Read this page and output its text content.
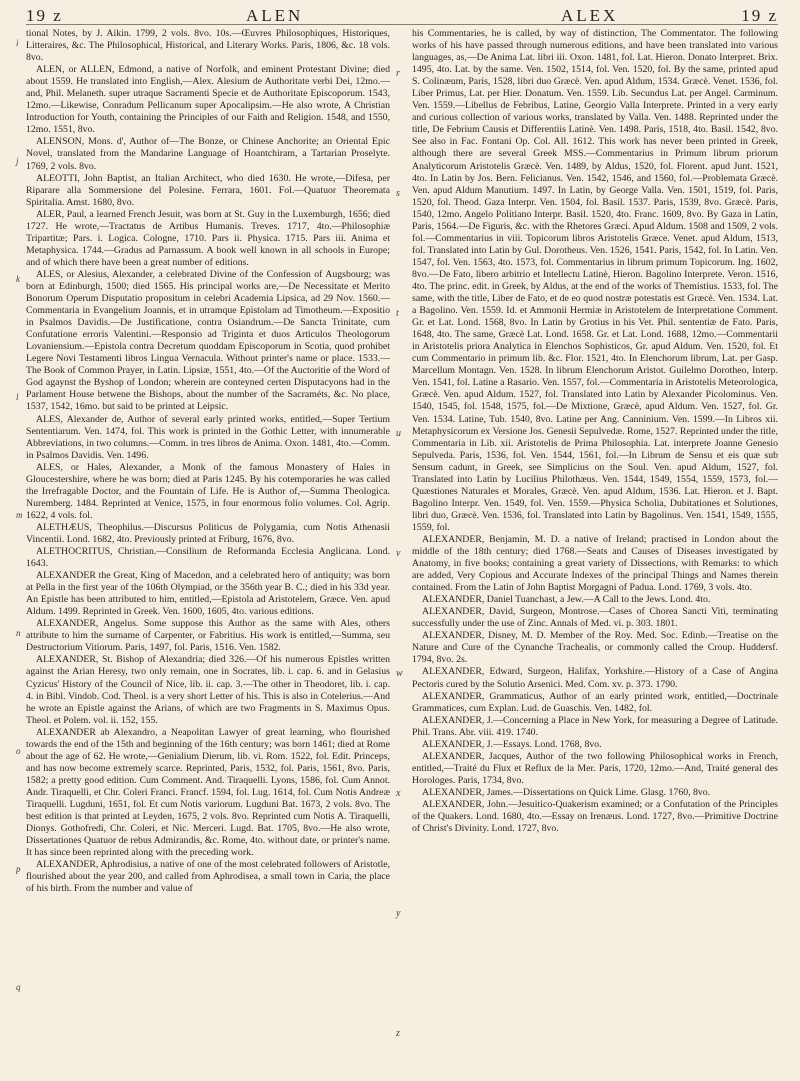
19 z	ALEN	ALEX	19 z

tional Notes, by J. Aikin. 1799, 2 vols. 8vo. 10s.—Œuvres Philosophiques, Historiques, Litteraires, &c. The Philosophical, Historical, and Literary Works. Paris, 1806, &c. 18 vols. 8vo.

ALEN, or ALLEN, Edmond, a native of Norfolk, and eminent Protestant Divine; died about 1559. He translated into English,—Alex. Alesium de Authoritate verbi Dei, 12mo.—and, Phil. Melaneth. super utraque Sacramenti Specie et de Authoritate Episcoporum. 1543, 12mo.—Likewise, Conradum Pellicanum super Apocalipsim.—He also wrote, A Christian Introduction for Youth, containing the Principles of our Faith and Religion. 1548, and 1550, 12mo. 1551, 8vo.

ALENSON, Mons. d', Author of—The Bonze, or Chinese Anchorite; an Oriental Epic Novel, translated from the Mandarine Language of Hoantchiram, a Tartarian Proselyte. 1769, 2 vols. 8vo.

ALEOTTI, John Baptist, an Italian Architect, who died 1630. He wrote,—Difesa, per Riparare alla Sommersione del Polesine. Ferrara, 1601. Fol.—Quatuor Theoremata Spiritalia. Amst. 1680, 8vo.

ALER, Paul, a learned French Jesuit, was born at St. Guy in the Luxemburgh, 1656; died 1727. He wrote,—Tractatus de Artibus Humanis. Treves. 1717, 4to.—Philosophiæ Tripartitæ; Pars. i. Logica. Cologne, 1710. Pars ii. Physica. 1715. Pars iii. Anima et Metaphysica. 1744.—Gradus ad Parnassum. A book well known in all schools in Europe; and of which there have been a great number of editions.

ALES, or Alesius, Alexander, a celebrated Divine of the Confession of Augsbourg; was born at Edinburgh, 1500; died 1565. His principal works are,—De Necessitate et Merito Bonorum Operum Disputatio propositum in celebri Academia Lipsica, ad 29 Nov. 1560.—Commentaria in Evangelium Joannis, et in utramque Epistolam ad Timotheum.—Expositio in Psalmos Davidis.—De Justificatione, contra Osiandrum.—De Sancta Trinitate, cum Confutatione erroris Valentini.—Responsio ad Triginta et duos Articulos Theologorum Lovaniensium.—Epistola contra Decretum quoddam Episcoporum in Scotia, quod prohibet Legere Novi Testamenti libros Lingua Vernacula. Without printer's name or place. 1533.—The Book of Common Prayer, in Latin. Lipsiæ, 1551, 4to.—Of the Auctoritie of the Word of God agaynst the Byshop of London; wherein are conteyned certen Disputacyons had in the Parlament House betwene the Bishops, about the number of the Sacraméts, &c. No place, 1537, 1542, 16mo. but said to be printed at Leipsic.

ALES, Alexander de, Author of several early printed works, entitled,—Super Tertium Sententiarum. Ven. 1474, fol. This work is printed in the Gothic Letter, with innumerable Abbreviations, in two columns.—Comm. in tres libros de Anima. Oxon. 1481, 4to.—Comm. in Psalmos Davidis. Ven. 1496.

ALES, or Hales, Alexander, a Monk of the famous Monastery of Hales in Gloucestershire, where he was born; died at Paris 1245. By his cotemporaries he was called the Irrefragable Doctor, and the Fountain of Life. He is Author of,—Summa Theologica. Nuremberg. 1484. Reprinted at Venice, 1575, in four enormous folio volumes. Col. Agrip. 1622, 4 vols. fol.

ALETHÆUS, Theophilus.—Discursus Politicus de Polygamia, cum Notis Athenasii Vincentii. Lond. 1682, 4to. Previously printed at Friburg, 1676, 8vo.

ALETHOCRITUS, Christian.—Consilium de Reformanda Ecclesia Anglicana. Lond. 1643.

ALEXANDER the Great, King of Macedon, and a celebrated hero of antiquity; was born at Pella in the first year of the 106th Olympiad, or the 356th year B. C.; died in his 33d year. An Epistle has been attributed to him, entitled,—Epistola ad Aristotelem, Græce. Ven. apud Aldum. 1499. Reprinted in Greek. Ven. 1600, 1605, 4to. various editions.

ALEXANDER, Angelus. Some suppose this Author as the same with Ales, others attribute to him the surname of Carpenter, or Fabritius. His work is entitled,—Summa, seu Destructorium Vitiorum. Paris, 1497, fol. Paris, 1516. Ven. 1582.

ALEXANDER, St. Bishop of Alexandria; died 326.—Of his numerous Epistles written against the Arian Heresy, two only remain, one in Socrates, lib. i. cap. 6. and in Gelasius Cyzicus' History of the Council of Nice, lib. ii. cap. 3.—The other in Theodoret, lib. i. cap. 4. in Bibl. Vindob. Cod. Theol. is a very short Letter of his. This is also in Cotelerius.—And he wrote an Epistle against the Arians, of which are two Fragments in S. Maximus Opus. Theol. et Polem. vol. ii. 152, 155.

ALEXANDER ab Alexandro, a Neapolitan Lawyer of great learning, who flourished towards the end of the 15th and beginning of the 16th century; was born 1461; died at Rome about the age of 62. He wrote,—Genialium Dierum, lib. vi. Rom. 1522, fol. Edit. Princeps, and has now become extremely scarce. Reprinted, Paris, 1532, fol. Paris, 1561, 8vo. Paris, 1582; a pretty good edition. Cum Comment. And. Tiraquelli. Lyons, 1586, fol. Cum Annot. Andr. Tiraquelli, et Chr. Coleri Franci. Francf. 1594, fol. Lug. 1614, fol. Cum Notis Andreæ Tiraquelli. Lugduni, 1651, fol. Et cum Notis variorum. Lugduni Bat. 1673, 2 vols. 8vo. The best edition is that printed at Leyden, 1675, 2 vols. 8vo. Reprinted cum Notis A. Tiraquelli, Dionys. Gothofredi, Chr. Coleri, et Nic. Merceri. Lugd. Bat. 1705, 8vo.—He also wrote, Dissertationes Quatuor de rebus Admirandis, &c. Rome, 4to. without date, or printer's name. It has since been reprinted along with the preceding work.

ALEXANDER, Aphrodisius, a native of one of the most celebrated followers of Aristotle, flourished about the year 200, and called from Aphrodisea, a small town in Caria, the place of his birth. From the number and value of

r
s
t
u
v
w
x
y
z

his Commentaries, he is called, by way of distinction, The Commentator. The following works of his have passed through numerous editions, and have been translated into various languages, as,—De Anima Lat. libri iii. Oxon. 1481, fol. Lat. Hieron. Donato Interpret. Brix. 1495, 4to. Lat. by the same. Ven. 1502, 1514, fol. Ven. 1520, fol. By the same, printed apud S. Colinæum, Paris, 1528, libri duo Græcè. Ven. apud Aldum, 1534. Græcè. Venet. 1536, fol. Liber Primus, Lat. per Hier. Donatum. Ven. 1559. Lib. Secundus Lat. per Angel. Carminum. Ven. 1559.—Libellus de Febribus, Latine, Georgio Valla Interprete. Printed in a very early and curious collection of various works, translated by Valla. Ven. 1488. Reprinted under the title, De Febrium Causis et Differentiis Latinè. Ven. 1498. Paris, 1518, 4to. Basil. 1542, 8vo. See also in Fac. Fontani Op. Col. All. 1612. This work has never been printed in Greek, although there are several Greek MSS.—Commentarius in Primum librum priorum Analyticorum Aristotelis Græcè. Ven. 1489, by Aldus, 1520, fol. Florent. apud Junt. 1521, 4to. In Latin by Jos. Bern. Felicianus. Ven. 1542, 1546, and 1560, fol.—Problemata Græcè. Ven. apud Aldum Manutium. 1497. In Latin, by George Valla. Ven. 1501, 1519, fol. Paris, 1520, fol. Theod. Gaza Interpr. Ven. 1504, fol. Basil. 1537. Paris, 1539, 8vo. Græcè. Paris, 1540, 12mo. Angelo Politiano Interpr. Basil. 1520, 4to. Franc. 1609, 8vo. By Gaza in Latin, Paris, 1564.—De Figuris, &c. with the Rhetores Græci. Apud Aldum. 1508 and 1509, 2 vols. fol.—Commentarius in viii. Topicorum libros Aristotelis Græce. Venet. apud Aldum, 1513, fol. Translated into Latin by Gul. Dorotheus. Ven. 1526, 1541. Paris, 1542, fol. In Latin. Ven. 1547, fol. Ven. 1563, 4to. 1573, fol. Commentarius in librum primum Topicorum. Ing. 1602, 8vo.—De Fato, libero arbitrio et Intellectu Latinè, Hieron. Bagolino Interprete. Veron. 1516, 4to. The princ. edit. in Greek, by Aldus, at the end of the works of Themistius. 1533, fol. The same, with the title, Liber de Fato, et de eo quod nostræ potestatis est Græcè. Ven. 1534. Lat. a Bagolino. Ven. 1559. Id. et Ammonii Hermiæ in Aristotelem de Interpretatione Comment. Gr. et Lat. Lond. 1568, 8vo. In Latin by Grotius in his Vet. Phil. sententiæ de Fato. Paris, 1648, 4to. The same, Græcè Lat. Lond. 1658. Gr. et Lat. Lond. 1688, 12mo.—Commentarii in Aristotelis priora Analytica in Elenchos Sophisticos, Gr. apud Aldum. Ven. 1520, fol. Et cum Commentario in primum lib. &c. Flor. 1521, 4to. In Elenchorum librum, Lat. per Gasp. Marcellum Montagn. Ven. 1528. In librum Elenchorum Aristot. Guilelmo Dorotheo, Interp. Ven. 1541, fol. Latine a Rasario. Ven. 1557, fol.—Commentaria in Aristotelis Meteorologica, Græcè. Ven. apud Aldum. 1527, fol. Translated into Latin by Alexander Picolominus. Ven. 1540, 1545, fol. 1548, 1575, fol.—De Mixtione, Græcè, apud Aldum. Ven. 1527, fol. Gr. Ven. 1534. Latine, Tub. 1540, 8vo. Latine per Ang. Canninium. Ven. 1599.—In Libros xii. Metaphysicorum ex Versione Jos. Genesii Sepulvedæ. Rome, 1527. Reprinted under the title, Commentaria in Lib. xii. Aristotelis de Prima Philosophia. Lat. interprete Joanne Genesio Sepulveda. Paris, 1536, fol. Ven. 1544, 1561, fol.—In Librum de Sensu et eis quæ sub Sensum cadunt, in Greek, see Simplicius on the Soul. Ven. apud Aldum, 1527, fol. Translated into Latin by Lucilius Philothæus. Ven. 1544, 1549, 1554, 1559, 1573, fol.—Quæstiones Naturales et Morales, Græcè. Ven. apud Aldum, 1536. Lat. Hieron. et J. Bapt. Bagolino Interpr. Ven. 1549, fol. Ven. 1559.—Physica Scholia, Dubitationes et Solutiones, libri duo, Græcè. Ven. 1536, fol. Translated into Latin by Bagolinus. Ven. 1541, 1549, 1555, 1559, fol.

ALEXANDER, Benjamin, M. D. a native of Ireland; practised in London about the middle of the 18th century; died 1768.—Seats and Causes of Diseases investigated by Anatomy, in five books; containing a great variety of Dissections, with Remarks: to which are added, Very Copious and Accurate Indexes of the principal Things and Names therein contained. From the Latin of John Baptist Morgagni of Padua. Lond. 1769, 3 vols. 4to.

ALEXANDER, Daniel Tuanchast, a Jew.—A Call to the Jews. Lond. 4to.

ALEXANDER, David, Surgeon, Montrose.—Cases of Chorea Sancti Viti, terminating successfully under the use of Zinc. Annals of Med. vi. p. 303. 1801.

ALEXANDER, Disney, M. D. Member of the Roy. Med. Soc. Edinb.—Treatise on the Nature and Cure of the Cynanche Trachealis, or commonly called the Croup. Huddersf. 1794, 8vo. 2s.

ALEXANDER, Edward, Surgeon, Halifax, Yorkshire.—History of a Case of Angina Pectoris cured by the Solutio Arsenici. Med. Com. xv. p. 373. 1790.

ALEXANDER, Grammaticus, Author of an early printed work, entitled,—Doctrinale Grammatices, cum Explan. Lud. de Guaschis. Ven. 1482, fol.

ALEXANDER, J.—Concerning a Place in New York, for measuring a Degree of Latitude. Phil. Trans. Abr. viii. 419. 1740.

ALEXANDER, J.—Essays. Lond. 1768, 8vo.

ALEXANDER, Jacques, Author of the two following Philosophical works in French, entitled,—Traité du Flux et Reflux de la Mer. Paris, 1720, 12mo.—And, Traité general des Horologes. Paris, 1734, 8vo.

ALEXANDER, James.—Dissertations on Quick Lime. Glasg. 1760, 8vo.

ALEXANDER, John.—Jesuitico-Quakerism examined; or a Confutation of the Principles of the Quakers. Lond. 1680, 4to.—Essay on Irenæus. Lond. 1727, 8vo.—Primitive Doctrine of Christ's Divinity. Lond. 1727, 8vo.

i
j
k
l
m
n
o
p
q
